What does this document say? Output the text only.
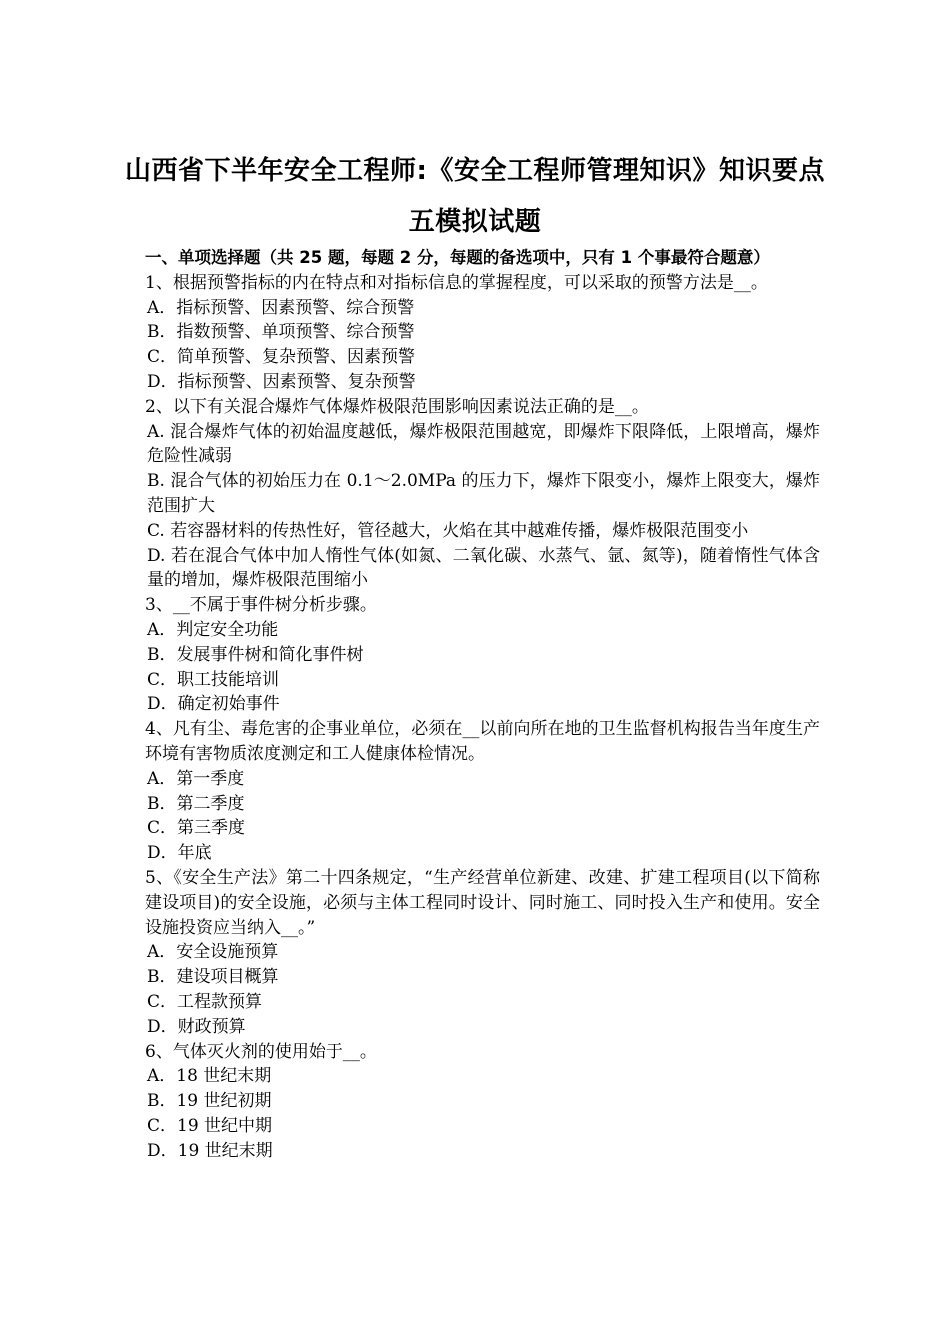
山西省下半年安全工程师:《安全工程师管理知识》知识要点
五模拟试题
一、单项选择题（共 25 题，每题 2 分，每题的备选项中，只有 1 个事最符合题意）
1、根据预警指标的内在特点和对指标信息的掌握程度，可以采取的预警方法是__。
A．指标预警、因素预警、综合预警
B．指数预警、单项预警、综合预警
C．简单预警、复杂预警、因素预警
D．指标预警、因素预警、复杂预警
2、以下有关混合爆炸气体爆炸极限范围影响因素说法正确的是__。
A. 混合爆炸气体的初始温度越低，爆炸极限范围越宽，即爆炸下限降低，上限增高，爆炸危险性减弱
B. 混合气体的初始压力在 0.1～2.0MPa 的压力下，爆炸下限变小，爆炸上限变大，爆炸范围扩大
C. 若容器材料的传热性好，管径越大，火焰在其中越难传播，爆炸极限范围变小
D. 若在混合气体中加人惰性气体(如氮、二氧化碳、水蒸气、氩、氮等)，随着惰性气体含量的增加，爆炸极限范围缩小
3、__不属于事件树分析步骤。
A．判定安全功能
B．发展事件树和简化事件树
C．职工技能培训
D．确定初始事件
4、凡有尘、毒危害的企事业单位，必须在__以前向所在地的卫生监督机构报告当年度生产环境有害物质浓度测定和工人健康体检情况。
A．第一季度
B．第二季度
C．第三季度
D．年底
5、《安全生产法》第二十四条规定，“生产经营单位新建、改建、扩建工程项目(以下简称建设项目)的安全设施，必须与主体工程同时设计、同时施工、同时投入生产和使用。安全设施投资应当纳入__。”
A．安全设施预算
B．建设项目概算
C．工程款预算
D．财政预算
6、气体灭火剂的使用始于__。
A．18 世纪末期
B．19 世纪初期
C．19 世纪中期
D．19 世纪末期
